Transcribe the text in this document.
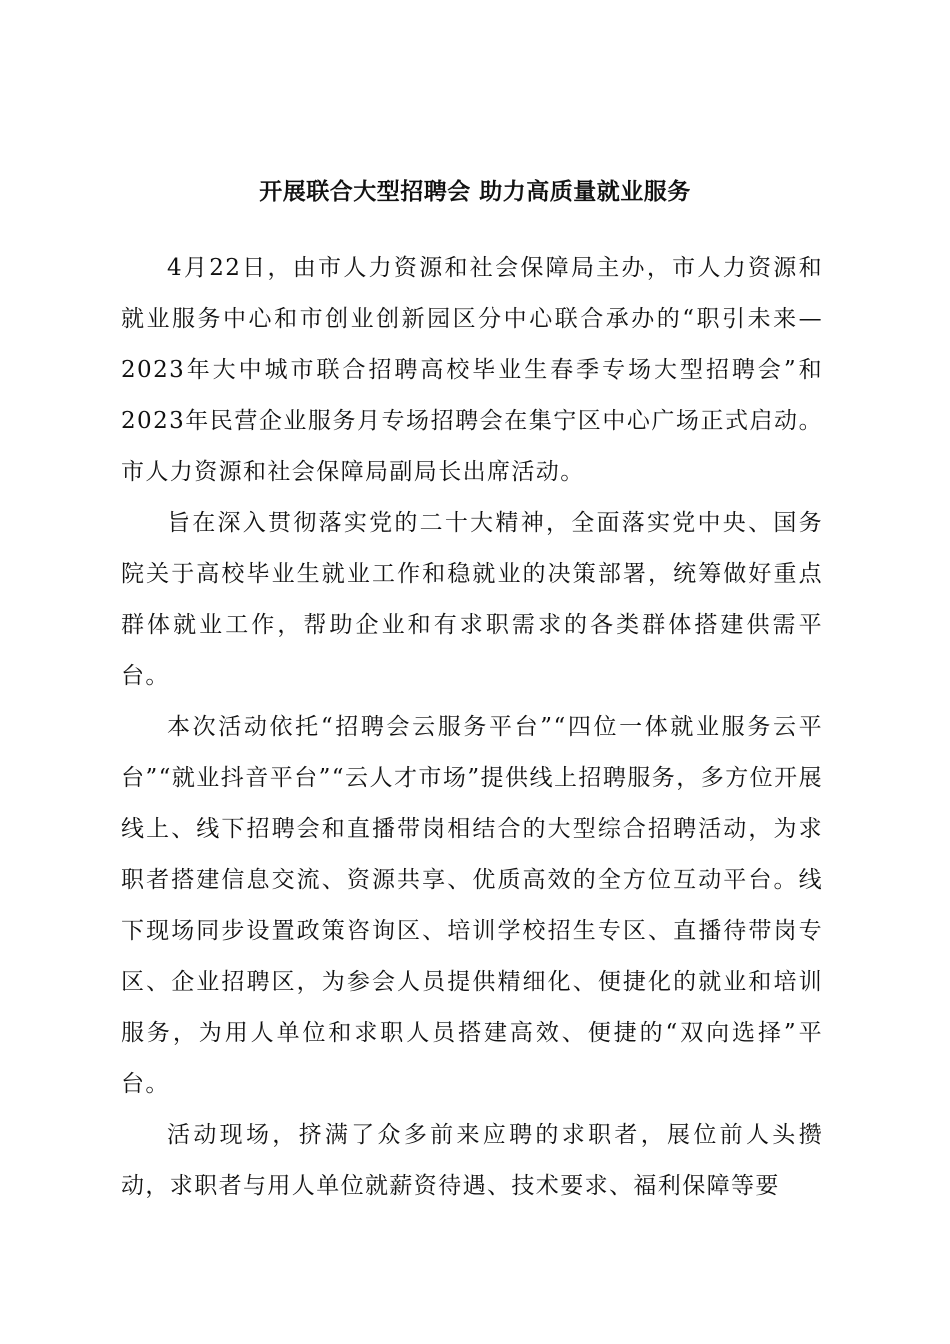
开展联合大型招聘会 助力高质量就业服务

4月22日，由市人力资源和社会保障局主办，市人力资源和就业服务中心和市创业创新园区分中心联合承办的“职引未来—2023年大中城市联合招聘高校毕业生春季专场大型招聘会”和2023年民营企业服务月专场招聘会在集宁区中心广场正式启动。市人力资源和社会保障局副局长出席活动。

旨在深入贯彻落实党的二十大精神，全面落实党中央、国务院关于高校毕业生就业工作和稳就业的决策部署，统筹做好重点群体就业工作，帮助企业和有求职需求的各类群体搭建供需平台。

本次活动依托“招聘会云服务平台”“四位一体就业服务云平台”“就业抖音平台”“云人才市场”提供线上招聘服务，多方位开展线上、线下招聘会和直播带岗相结合的大型综合招聘活动，为求职者搭建信息交流、资源共享、优质高效的全方位互动平台。线下现场同步设置政策咨询区、培训学校招生专区、直播待带岗专区、企业招聘区，为参会人员提供精细化、便捷化的就业和培训服务，为用人单位和求职人员搭建高效、便捷的“双向选择”平台。

活动现场，挤满了众多前来应聘的求职者，展位前人头攒动，求职者与用人单位就薪资待遇、技术要求、福利保障等要
